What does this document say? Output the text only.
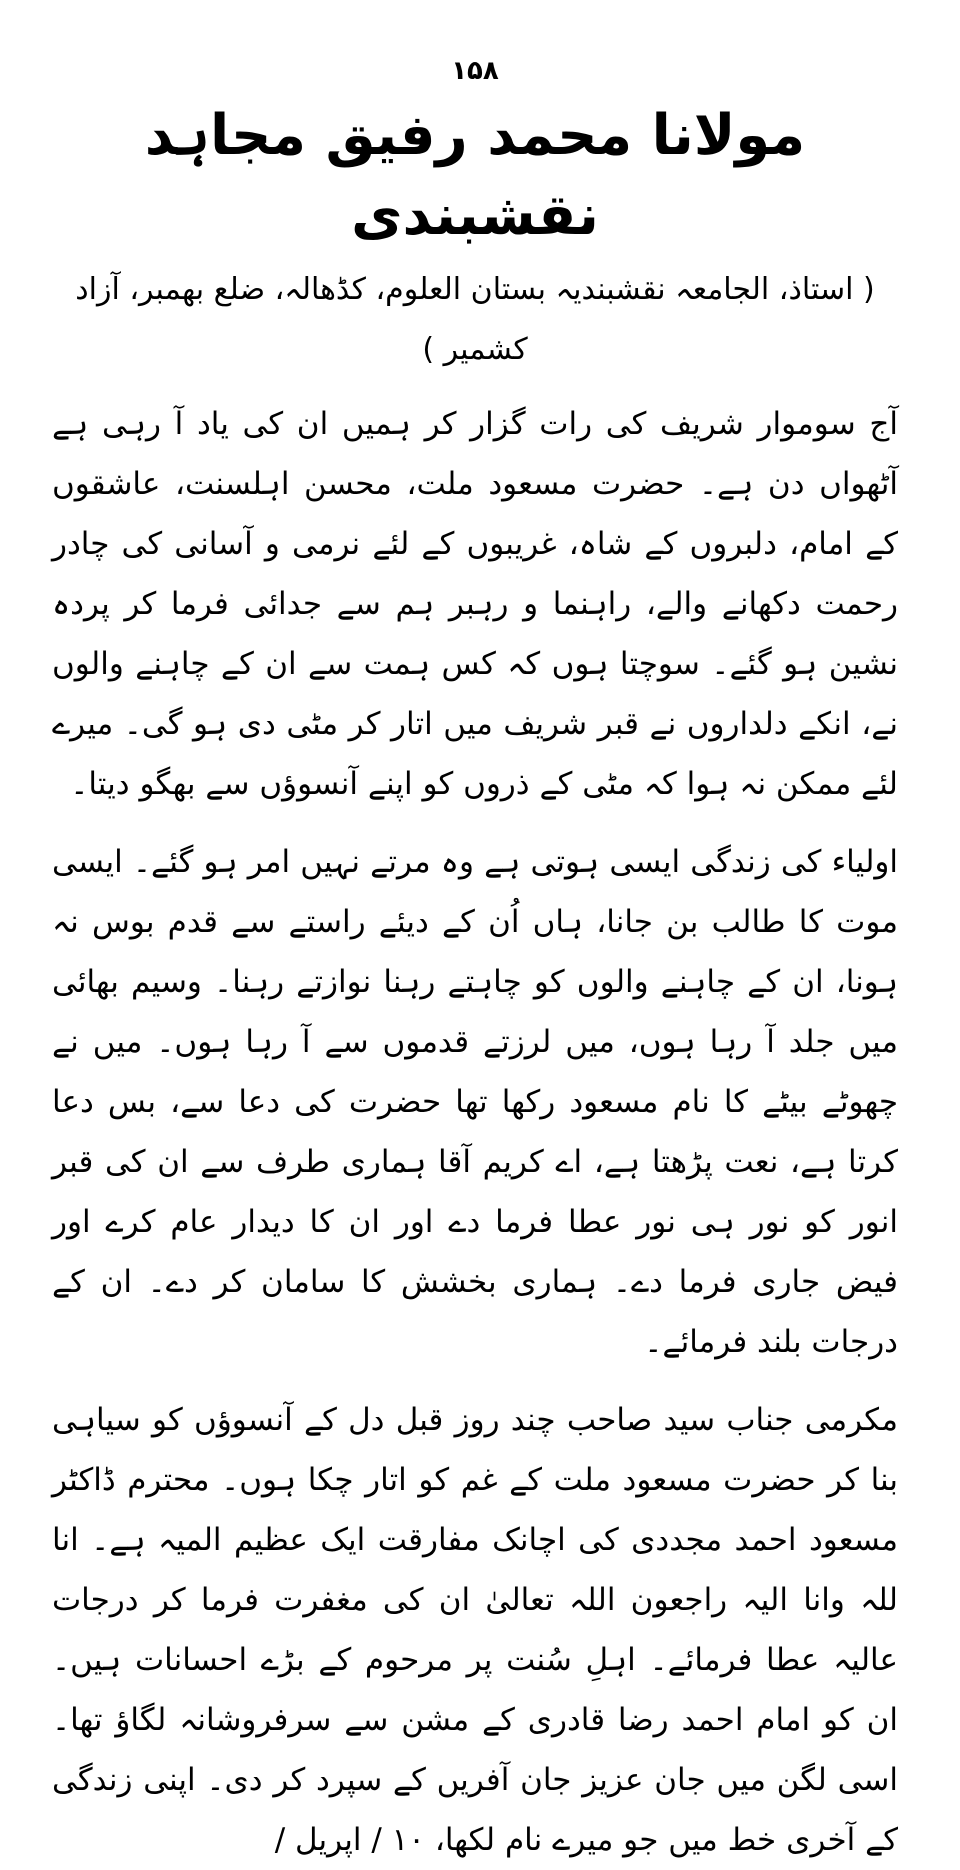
۱۵۸
مولانا محمد رفیق مجاہد نقشبندی
( استاذ، الجامعہ نقشبندیہ بستان العلوم، کڈھالہ، ضلع بھمبر، آزاد کشمیر )

آج سوموار شریف کی رات گزار کر ہمیں ان کی یاد آ رہی ہے آٹھواں دن ہے۔ حضرت مسعود ملت، محسن اہلسنت، عاشقوں کے امام، دلبروں کے شاہ، غریبوں کے لئے نرمی و آسانی کی چادر رحمت دکھانے والے، راہنما و رہبر ہم سے جدائی فرما کر پردہ نشین ہو گئے۔ سوچتا ہوں کہ کس ہمت سے ان کے چاہنے والوں نے، انکے دلداروں نے قبر شریف میں اتار کر مٹی دی ہو گی۔ میرے لئے ممکن نہ ہوا کہ مٹی کے ذروں کو اپنے آنسوؤں سے بھگو دیتا۔

اولیاء کی زندگی ایسی ہوتی ہے وہ مرتے نہیں امر ہو گئے۔ ایسی موت کا طالب بن جانا، ہاں اُن کے دیئے راستے سے قدم بوس نہ ہونا، ان کے چاہنے والوں کو چاہتے رہنا نوازتے رہنا۔ وسیم بھائی میں جلد آ رہا ہوں، میں لرزتے قدموں سے آ رہا ہوں۔ میں نے چھوٹے بیٹے کا نام مسعود رکھا تھا حضرت کی دعا سے، بس دعا کرتا ہے، نعت پڑھتا ہے، اے کریم آقا ہماری طرف سے ان کی قبر انور کو نور ہی نور عطا فرما دے اور ان کا دیدار عام کرے اور فیض جاری فرما دے۔ ہماری بخشش کا سامان کر دے۔ ان کے درجات بلند فرمائے۔

مکرمی جناب سید صاحب چند روز قبل دل کے آنسوؤں کو سیاہی بنا کر حضرت مسعود ملت کے غم کو اتار چکا ہوں۔ محترم ڈاکٹر مسعود احمد مجددی کی اچانک مفارقت ایک عظیم المیہ ہے۔ انا للہ وانا الیہ راجعون اللہ تعالیٰ ان کی مغفرت فرما کر درجات عالیہ عطا فرمائے۔ اہلِ سُنت پر مرحوم کے بڑے احسانات ہیں۔ ان کو امام احمد رضا قادری کے مشن سے سرفروشانہ لگاؤ تھا۔ اسی لگن میں جان عزیز جان آفریں کے سپرد کر دی۔ اپنی زندگی کے آخری خط میں جو میرے نام لکھا، ۱۰ / اپریل /
